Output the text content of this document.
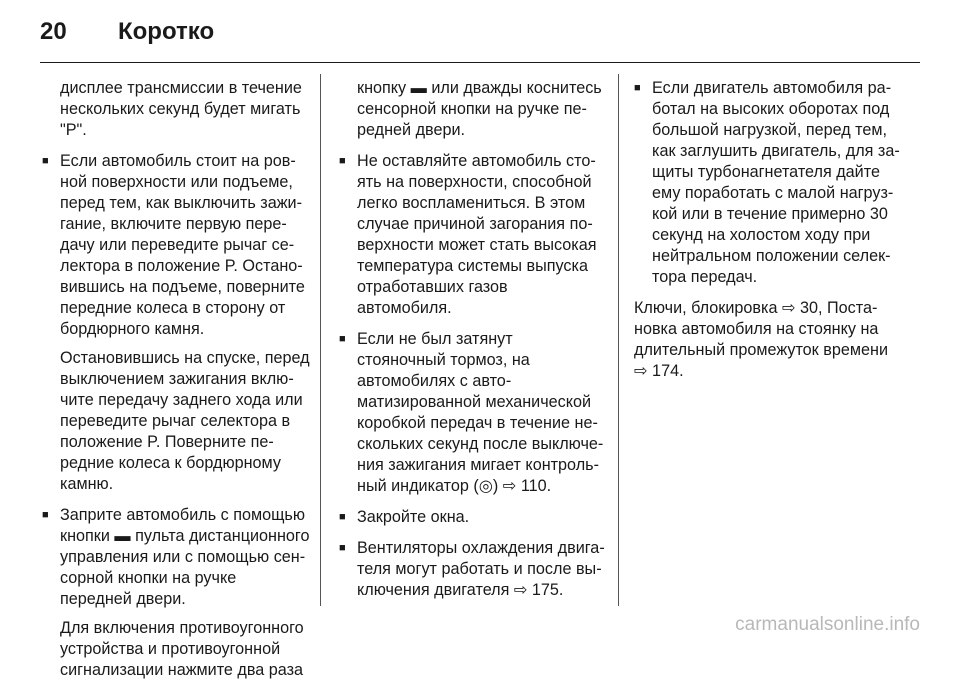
20	Коротко

дисплее трансмиссии в течение нескольких секунд будет мигать "P".

■ Если автомобиль стоит на ровной поверхности или подъеме, перед тем, как выключить зажигание, включите первую передачу или переведите рычаг селектора в положение P. Остановившись на подъеме, поверните передние колеса в сторону от бордюрного камня.

Остановившись на спуске, перед выключением зажигания включите передачу заднего хода или переведите рычаг селектора в положение P. Поверните передние колеса к бордюрному камню.

■ Заприте автомобиль с помощью кнопки ▬ пульта дистанционного управления или с помощью сенсорной кнопки на ручке передней двери.

Для включения противоугонного устройства и противоугонной сигнализации нажмите два раза

кнопку ▬ или дважды коснитесь сенсорной кнопки на ручке передней двери.

■ Не оставляйте автомобиль стоять на поверхности, способной легко воспламениться. В этом случае причиной загорания поверхности может стать высокая температура системы выпуска отработавших газов автомобиля.

■ Если не был затянут стояночный тормоз, на автомобилях с автоматизированной механической коробкой передач в течение нескольких секунд после выключения зажигания мигает контрольный индикатор (◎) ⇨ 110.

■ Закройте окна.

■ Вентиляторы охлаждения двигателя могут работать и после выключения двигателя ⇨ 175.

■ Если двигатель автомобиля работал на высоких оборотах под большой нагрузкой, перед тем, как заглушить двигатель, для защиты турбонагнетателя дайте ему поработать с малой нагрузкой или в течение примерно 30 секунд на холостом ходу при нейтральном положении селектора передач.

Ключи, блокировка ⇨ 30, Постановка автомобиля на стоянку на длительный промежуток времени ⇨ 174.

carmanualsonline.info
